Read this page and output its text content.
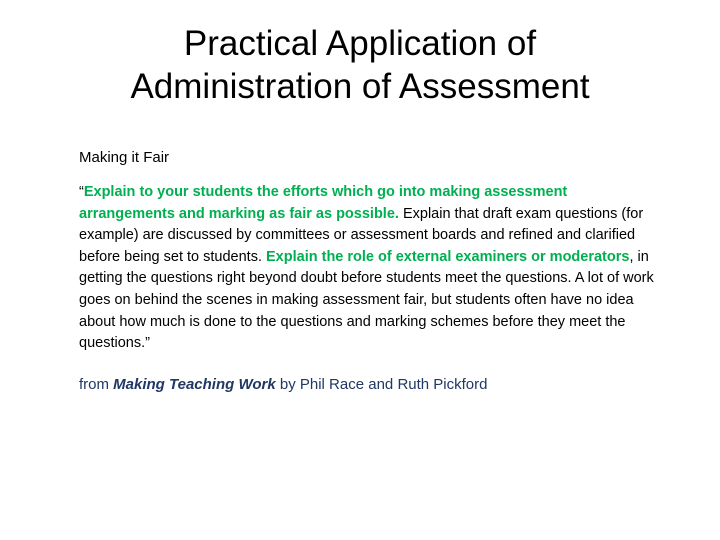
Practical Application of
Administration of Assessment

Making it Fair

“Explain to your students the efforts which go into making assessment arrangements and marking as fair as possible. Explain that draft exam questions (for example) are discussed by committees or assessment boards and refined and clarified before being set to students. Explain the role of external examiners or moderators, in getting the questions right beyond doubt before students meet the questions. A lot of work goes on behind the scenes in making assessment fair, but students often have no idea about how much is done to the questions and marking schemes before they meet the questions.”

from Making Teaching Work by Phil Race and Ruth Pickford
